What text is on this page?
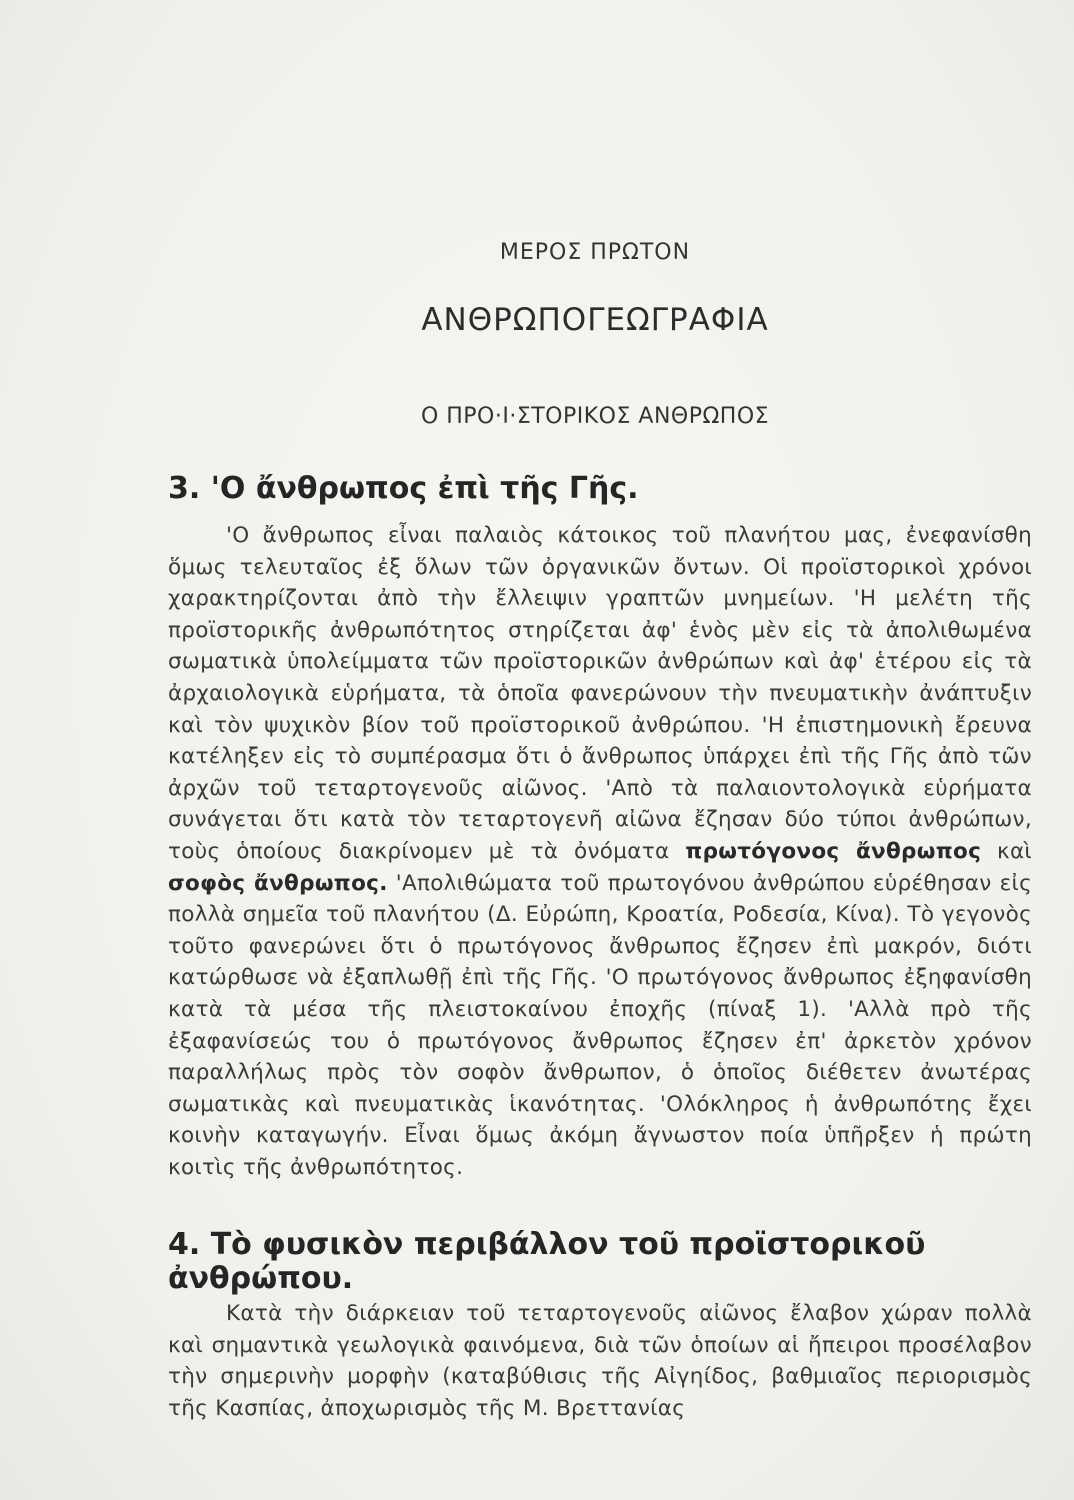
ΜΕΡΟΣ ΠΡΩΤΟΝ
ΑΝΘΡΩΠΟΓΕΩΓΡΑΦΙΑ
Ο ΠΡΟ·Ι·ΣΤΟΡΙΚΟΣ ΑΝΘΡΩΠΟΣ
3. 'Ο ἄνθρωπος ἐπὶ τῆς Γῆς.
'Ο ἄνθρωπος εἶναι παλαιὸς κάτοικος τοῦ πλανήτου μας, ἐνεφανίσθη ὅμως τελευταῖος ἐξ ὅλων τῶν ὀργανικῶν ὄντων. Οἱ προϊστορικοὶ χρόνοι χαρακτηρίζονται ἀπὸ τὴν ἔλλειψιν γραπτῶν μνημείων. 'Η μελέτη τῆς προϊστορικῆς ἀνθρωπότητος στηρίζεται ἀφ' ἑνὸς μὲν εἰς τὰ ἀπολιθωμένα σωματικὰ ὑπολείμματα τῶν προϊστορικῶν ἀνθρώπων καὶ ἀφ' ἑτέρου εἰς τὰ ἀρχαιολογικὰ εὑρήματα, τὰ ὁποῖα φανερώνουν τὴν πνευματικὴν ἀνάπτυξιν καὶ τὸν ψυχικὸν βίον τοῦ προϊστορικοῦ ἀνθρώπου. 'Η ἐπιστημονικὴ ἔρευνα κατέληξεν εἰς τὸ συμπέρασμα ὅτι ὁ ἄνθρωπος ὑπάρχει ἐπὶ τῆς Γῆς ἀπὸ τῶν ἀρχῶν τοῦ τεταρτογενοῦς αἰῶνος. 'Απὸ τὰ παλαιοντολογικὰ εὑρήματα συνάγεται ὅτι κατὰ τὸν τεταρτογενῆ αἰῶνα ἔζησαν δύο τύποι ἀνθρώπων, τοὺς ὁποίους διακρίνομεν μὲ τὰ ὀνόματα πρωτόγονος ἄνθρωπος καὶ σοφὸς ἄνθρωπος. 'Απολιθώματα τοῦ πρωτογόνου ἀνθρώπου εὑρέθησαν εἰς πολλὰ σημεῖα τοῦ πλανήτου (Δ. Εὐρώπη, Κροατία, Ροδεσία, Κίνα). Τὸ γεγονὸς τοῦτο φανερώνει ὅτι ὁ πρωτόγονος ἄνθρωπος ἔζησεν ἐπὶ μακρόν, διότι κατώρθωσε νὰ ἐξαπλωθῇ ἐπὶ τῆς Γῆς. 'Ο πρωτόγονος ἄνθρωπος ἐξηφανίσθη κατὰ τὰ μέσα τῆς πλειστοκαίνου ἐποχῆς (πίναξ 1). 'Αλλὰ πρὸ τῆς ἐξαφανίσεώς του ὁ πρωτόγονος ἄνθρωπος ἔζησεν ἐπ' ἀρκετὸν χρόνον παραλλήλως πρὸς τὸν σοφὸν ἄνθρωπον, ὁ ὁποῖος διέθετεν ἀνωτέρας σωματικὰς καὶ πνευματικὰς ἱκανότητας. 'Ολόκληρος ἡ ἀνθρωπότης ἔχει κοινὴν καταγωγήν. Εἶναι ὅμως ἀκόμη ἄγνωστον ποία ὑπῆρξεν ἡ πρώτη κοιτὶς τῆς ἀνθρωπότητος.
4. Τὸ φυσικὸν περιβάλλον τοῦ προϊστορικοῦ ἀνθρώπου.
Κατὰ τὴν διάρκειαν τοῦ τεταρτογενοῦς αἰῶνος ἔλαβον χώραν πολλὰ καὶ σημαντικὰ γεωλογικὰ φαινόμενα, διὰ τῶν ὁποίων αἱ ἤπειροι προσέλαβον τὴν σημερινὴν μορφὴν (καταβύθισις τῆς Αἰγηίδος, βαθμιαῖος περιορισμὸς τῆς Κασπίας, ἀποχωρισμὸς τῆς Μ. Βρεττανίας
